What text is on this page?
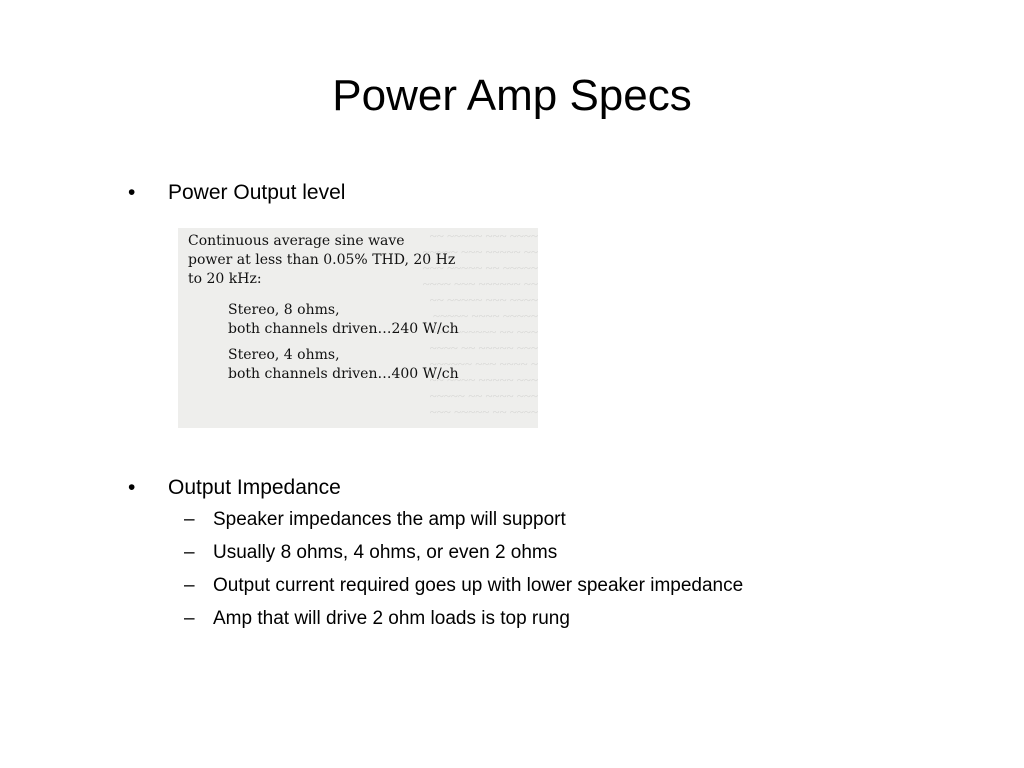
Power Amp Specs
• Power Output level
~~ ~~~~~ ~~~ ~~~~
~~~~~ ~~~ ~~~~~ ~~
~~~ ~~~~~ ~~ ~~~~~
~~~~ ~~~ ~~~~~~ ~~
~~ ~~~~~ ~~~ ~~~~
~~~~~ ~~~~ ~~~~~
~~~ ~~~~~~ ~~ ~~~
~~~~ ~~ ~~~~~ ~~~
~~~~~~ ~~~ ~~~~ ~
~~ ~~~~ ~~~~~ ~~~
~~~~~ ~~ ~~~~ ~~~
~~~ ~~~~~ ~~ ~~~~
Continuous average sine wave
power at less than 0.05% THD, 20 Hz
to 20 kHz:
Stereo, 8 ohms,
both channels driven…240 W/ch
Stereo, 4 ohms,
both channels driven…400 W/ch
• Output Impedance
– Speaker impedances the amp will support
– Usually 8 ohms, 4 ohms, or even 2 ohms
– Output current required goes up with lower speaker impedance
– Amp that will drive 2 ohm loads is top rung
